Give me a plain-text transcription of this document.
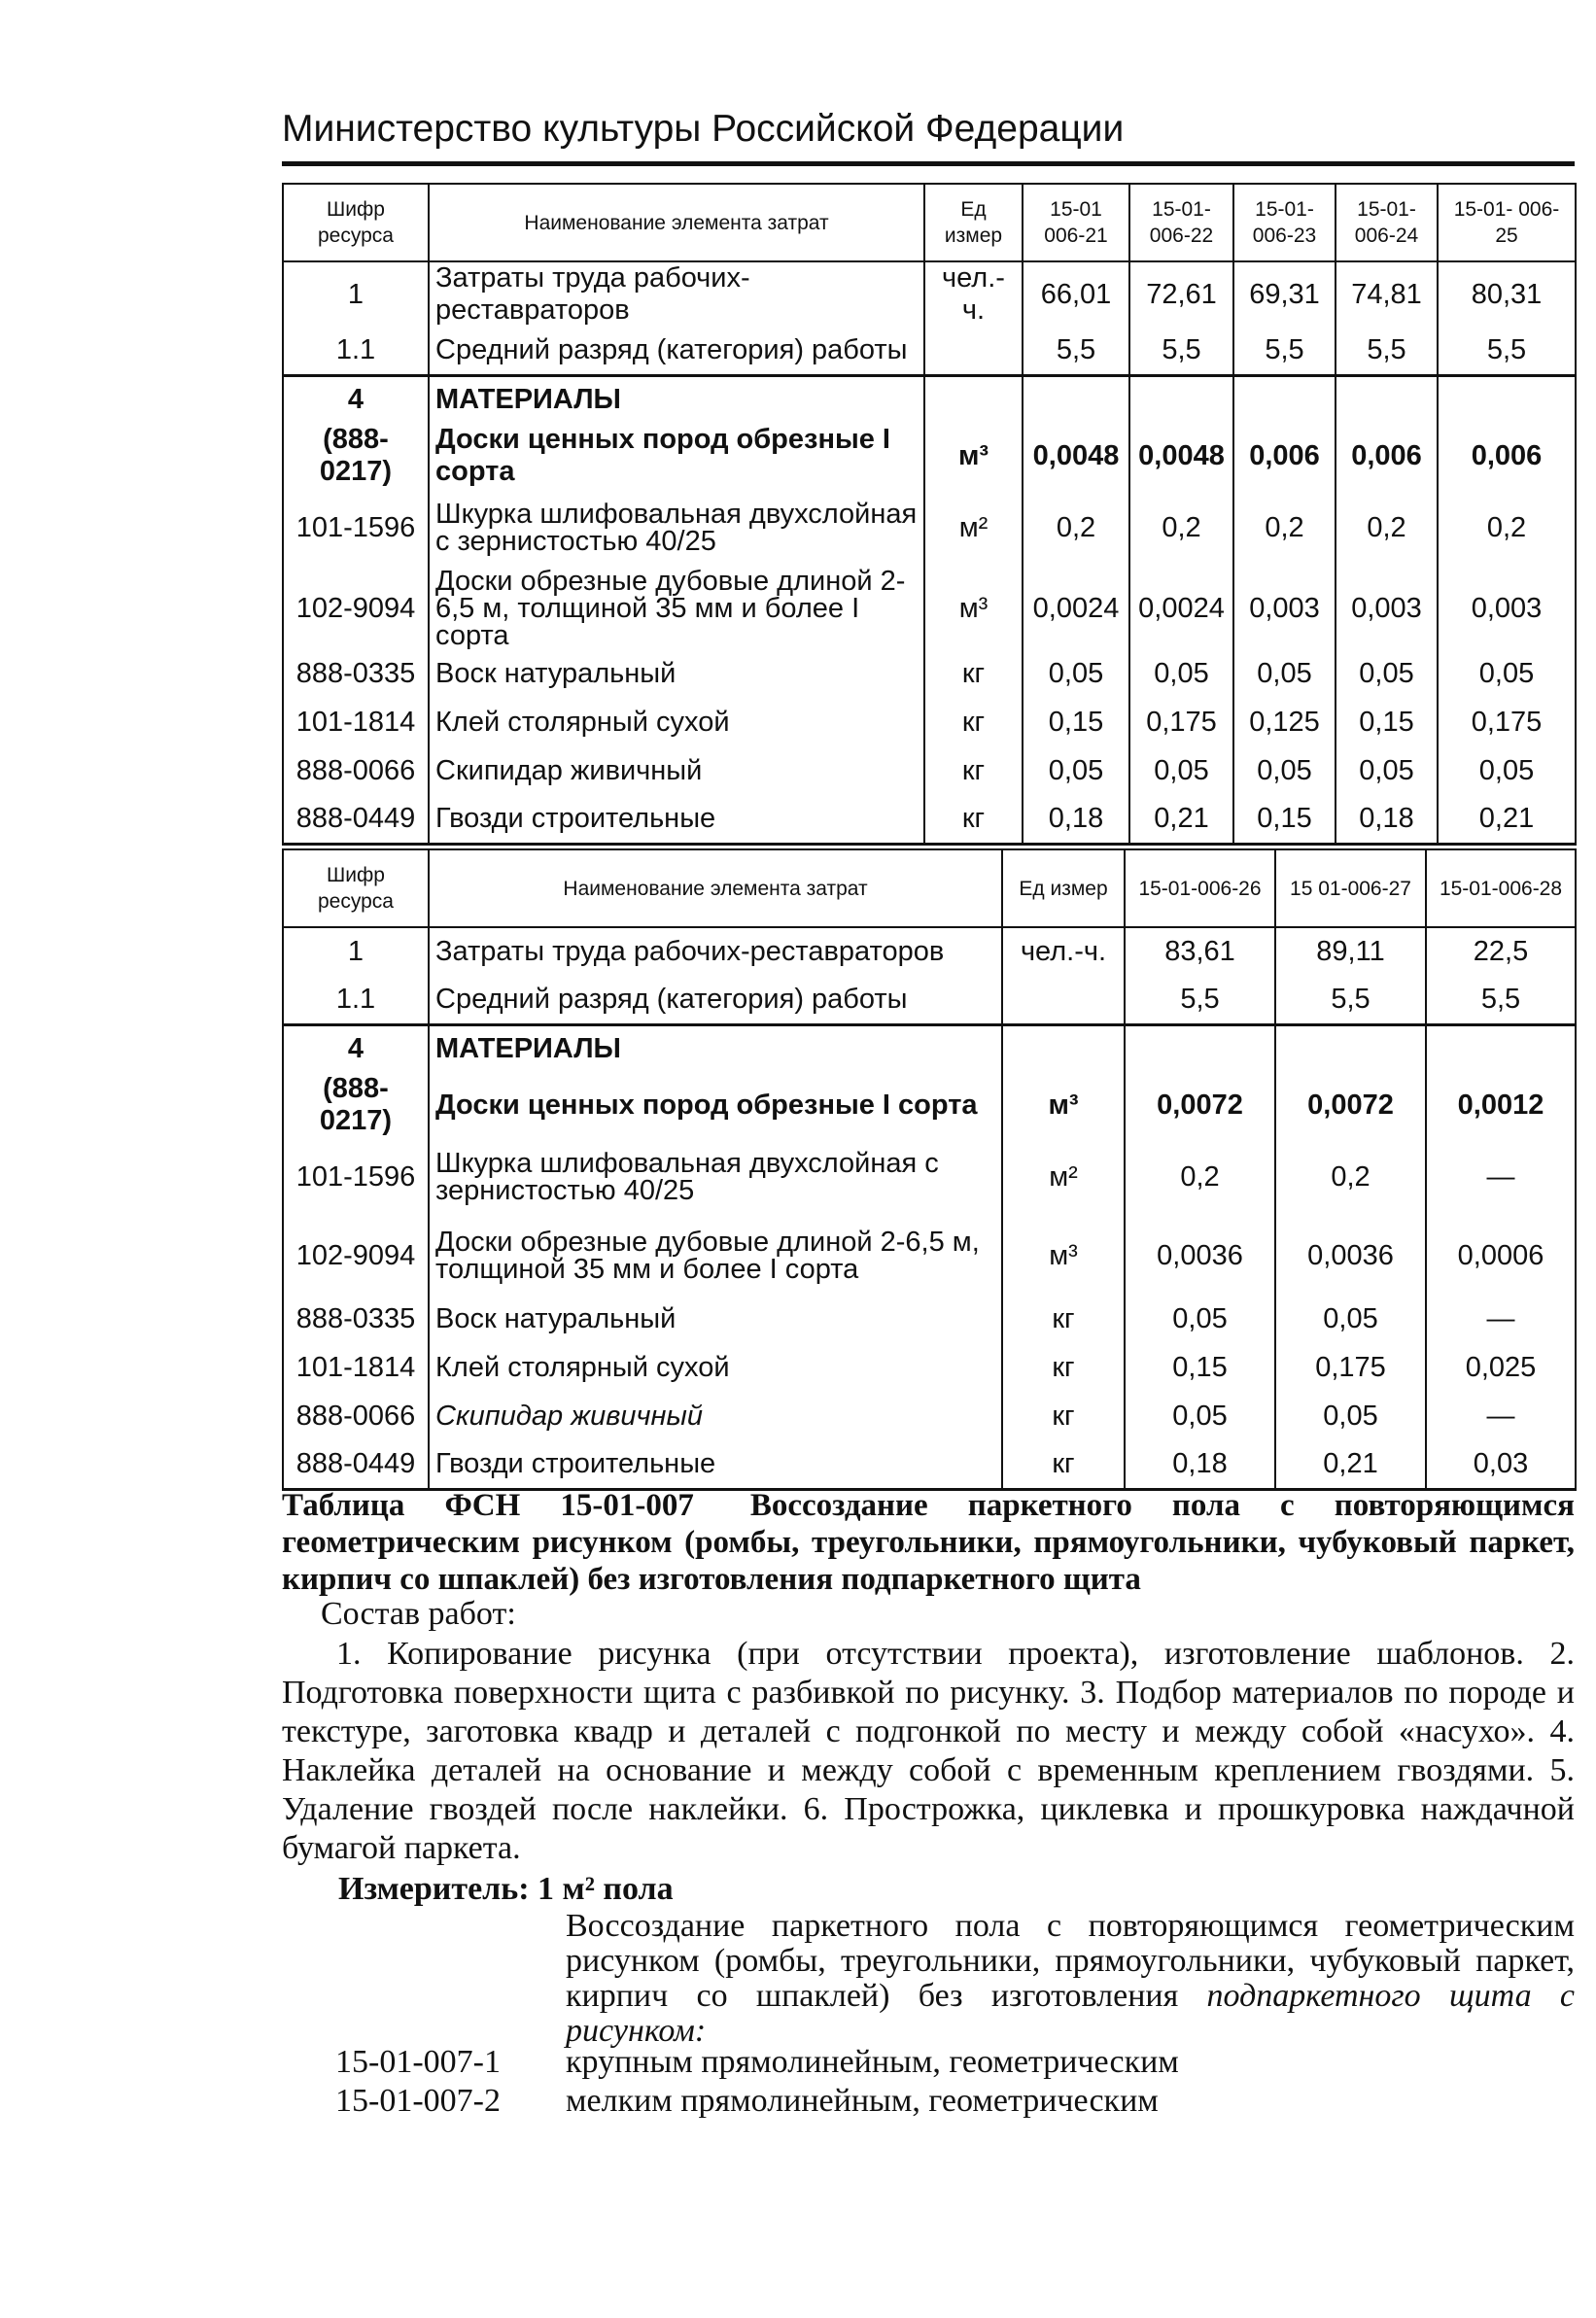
Министерство культуры Российской Федерации
Шифр ресурса	Наименование элемента затрат	Ед измер	15-01 006-21	15-01- 006-22	15-01- 006-23	15-01- 006-24	15-01- 006-25
1	Затраты труда рабочих-реставраторов	чел.-ч.	66,01	72,61	69,31	74,81	80,31
1.1	Средний разряд (категория) работы		5,5	5,5	5,5	5,5	5,5
4	МАТЕРИАЛЫ						
(888-0217)	Доски ценных пород обрезные I сорта	м³	0,0048	0,0048	0,006	0,006	0,006
101-1596	Шкурка шлифовальная двухслойная с зернистостью 40/25	м²	0,2	0,2	0,2	0,2	0,2
102-9094	Доски обрезные дубовые длиной 2-6,5 м, толщиной 35 мм и более I сорта	м³	0,0024	0,0024	0,003	0,003	0,003
888-0335	Воск натуральный	кг	0,05	0,05	0,05	0,05	0,05
101-1814	Клей столярный сухой	кг	0,15	0,175	0,125	0,15	0,175
888-0066	Скипидар живичный	кг	0,05	0,05	0,05	0,05	0,05
888-0449	Гвозди строительные	кг	0,18	0,21	0,15	0,18	0,21
Шифр ресурса	Наименование элемента затрат	Ед измер	15-01-006-26	15 01-006-27	15-01-006-28
1	Затраты труда рабочих-реставраторов	чел.-ч.	83,61	89,11	22,5
1.1	Средний разряд (категория) работы		5,5	5,5	5,5
4	МАТЕРИАЛЫ				
(888-0217)	Доски ценных пород обрезные I сорта	м³	0,0072	0,0072	0,0012
101-1596	Шкурка шлифовальная двухслойная с зернистостью 40/25	м²	0,2	0,2	—
102-9094	Доски обрезные дубовые длиной 2-6,5 м, толщиной 35 мм и более I сорта	м³	0,0036	0,0036	0,0006
888-0335	Воск натуральный	кг	0,05	0,05	—
101-1814	Клей столярный сухой	кг	0,15	0,175	0,025
888-0066	Скипидар живичный	кг	0,05	0,05	—
888-0449	Гвозди строительные	кг	0,18	0,21	0,03
Таблица ФСН 15-01-007 Воссоздание паркетного пола с повторяющимся геометрическим рисунком (ромбы, треугольники, прямоугольники, чубуковый паркет, кирпич со шпаклей) без изготовления подпаркетного щита
Состав работ:
1. Копирование рисунка (при отсутствии проекта), изготовление шаблонов. 2. Подготовка поверхности щита с разбивкой по рисунку. 3. Подбор материалов по породе и текстуре, заготовка квадр и деталей с подгонкой по месту и между собой «насухо». 4. Наклейка деталей на основание и между собой с временным креплением гвоздями. 5. Удаление гвоздей после наклейки. 6. Прострожка, циклевка и прошкуровка наждачной бумагой паркета.
Измеритель: 1 м² пола
Воссоздание паркетного пола с повторяющимся геометрическим рисунком (ромбы, треугольники, прямоугольники, чубуковый паркет, кирпич со шпаклей) без изготовления подпаркетного щита с рисунком:
15-01-007-1 крупным прямолинейным, геометрическим
15-01-007-2 мелким прямолинейным, геометрическим
